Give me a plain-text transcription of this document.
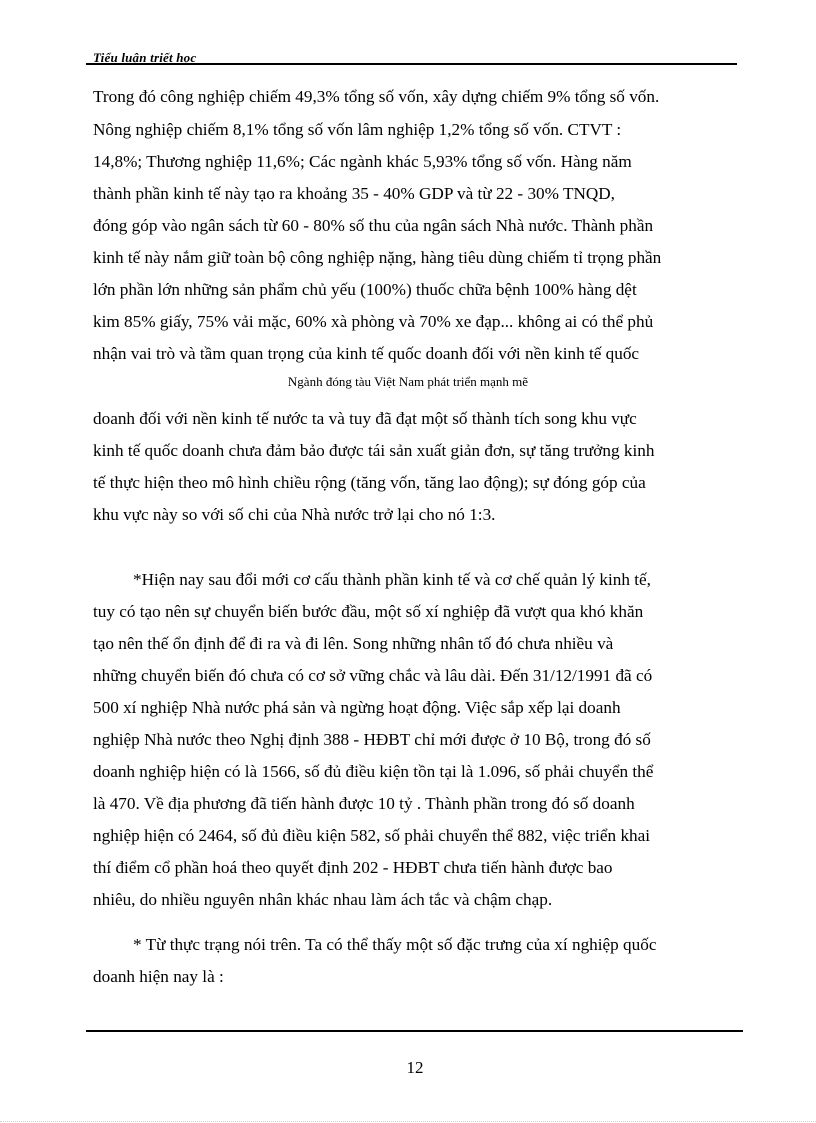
Tiểu luận triết học
Trong đó công nghiệp chiếm 49,3% tổng số vốn, xây dựng chiếm 9% tổng số vốn.
Nông nghiệp chiếm 8,1% tổng số vốn lâm nghiệp 1,2% tổng số vốn. CTVT :
14,8%; Thương nghiệp 11,6%; Các ngành khác 5,93% tổng số vốn. Hàng năm
thành phần kinh tế này tạo ra khoảng 35 - 40% GDP và từ 22 - 30% TNQD,
đóng góp vào ngân sách từ 60 - 80% số thu của ngân sách Nhà nước. Thành phần
kinh tế này nắm giữ toàn bộ công nghiệp nặng, hàng tiêu dùng chiếm tỉ trọng phần
lớn phần lớn những sản phẩm chủ yếu (100%) thuốc chữa bệnh 100% hàng dệt
kim 85% giấy, 75% vải mặc, 60% xà phòng và 70% xe đạp... không ai có thể phủ
nhận vai trò và tầm quan trọng của kinh tế quốc doanh đối với nền kinh tế quốc
Ngành đóng tàu Việt Nam phát triển mạnh mẽ
doanh đối với nền kinh tế nước ta và tuy đã đạt một số thành tích song khu vực
kinh tế quốc doanh chưa đảm bảo được tái sản xuất giản đơn, sự tăng trưởng kinh
tế thực hiện theo mô hình chiều rộng (tăng vốn, tăng lao động); sự đóng góp của
khu vực này so với số chi của Nhà nước trở lại cho nó 1:3.
*Hiện nay sau đổi mới cơ cấu thành phần kinh tế và cơ chế quản lý kinh tế,
tuy có tạo nên sự chuyển biến bước đầu, một số xí nghiệp đã vượt qua khó khăn
tạo nên thế ổn định để đi ra và đi lên. Song những nhân tố đó chưa nhiều và
những chuyển biến đó chưa có cơ sở vững chắc và lâu dài. Đến 31/12/1991 đã có
500 xí nghiệp Nhà nước phá sản và ngừng hoạt động. Việc sắp xếp lại doanh
nghiệp Nhà nước theo Nghị định 388 - HĐBT chỉ mới được ở 10 Bộ, trong đó số
doanh nghiệp hiện có là 1566, số đủ điều kiện tồn tại là 1.096, số phải chuyển thể
là 470. Về địa phương đã tiến hành được 10 tỷ . Thành phần trong đó số doanh
nghiệp hiện có 2464, số đủ điều kiện 582, số phải chuyển thể 882, việc triển khai
thí điểm cổ phần hoá theo quyết định 202 - HĐBT chưa tiến hành được bao
nhiêu, do nhiều nguyên nhân khác nhau làm ách tắc và chậm chạp.
* Từ thực trạng nói trên. Ta có thể thấy một số đặc trưng của xí nghiệp quốc
doanh hiện nay là :
12
